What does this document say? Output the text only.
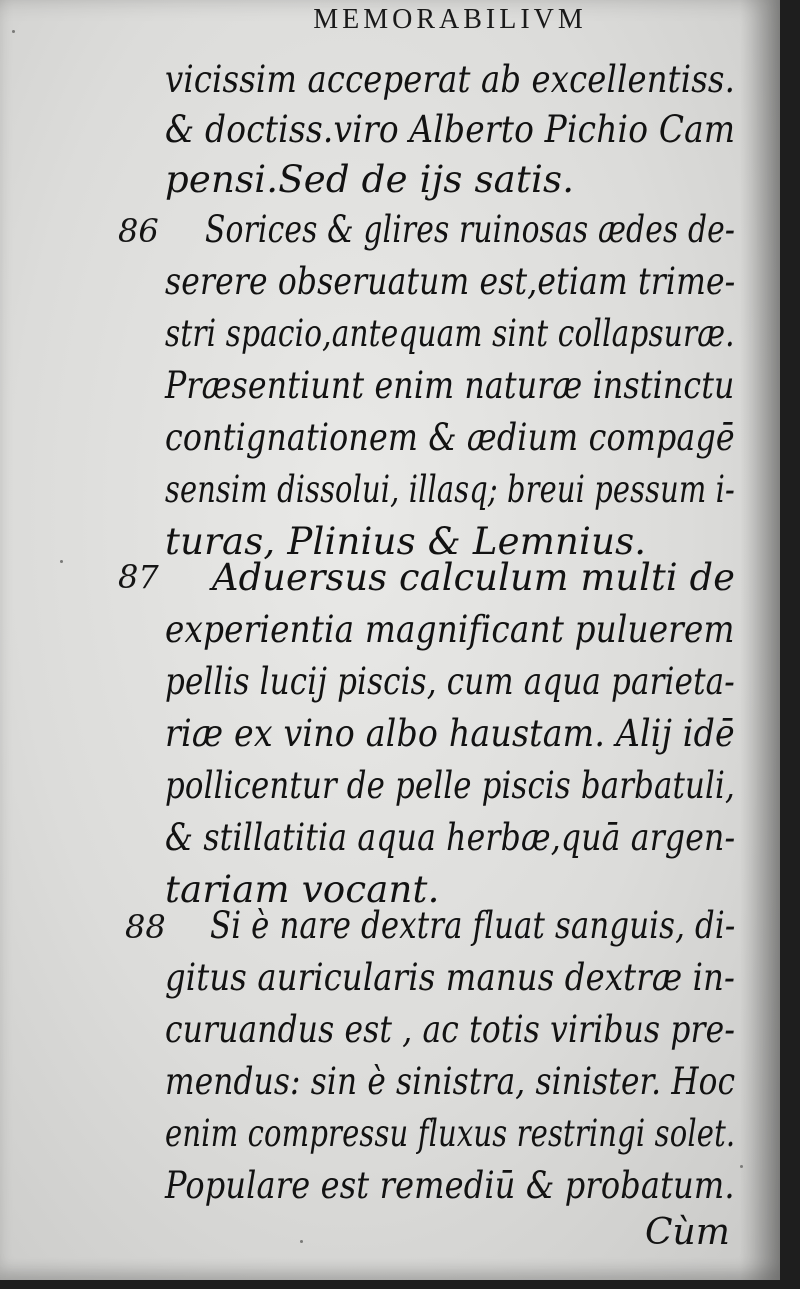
MEMORABILIVM
vicissim acceperat ab excellentiss.
& doctiss.viro Alberto Pichio Cam
pensi.Sed de ijs satis.
86 Sorices & glires ruinosas ædes de-
serere obseruatum est,etiam trime-
stri spacio,antequam sint collapsuræ.
Præsentiunt enim naturæ instinctu
contignationem & ædium compagē
sensim dissolui, illasq; breui pessum i-
turas, Plinius & Lemnius.
87 Aduersus calculum multi de
experientia magnificant puluerem
pellis lucij piscis, cum aqua parieta-
riæ ex vino albo haustam. Alij idē
pollicentur de pelle piscis barbatuli,
& stillatitia aqua herbæ,quā argen-
tariam vocant.
88 Si è nare dextra fluat sanguis, di-
gitus auricularis manus dextræ in-
curuandus est , ac totis viribus pre-
mendus: sin è sinistra, sinister. Hoc
enim compressu fluxus restringi solet.
Populare est remediū & probatum.
Cùm
